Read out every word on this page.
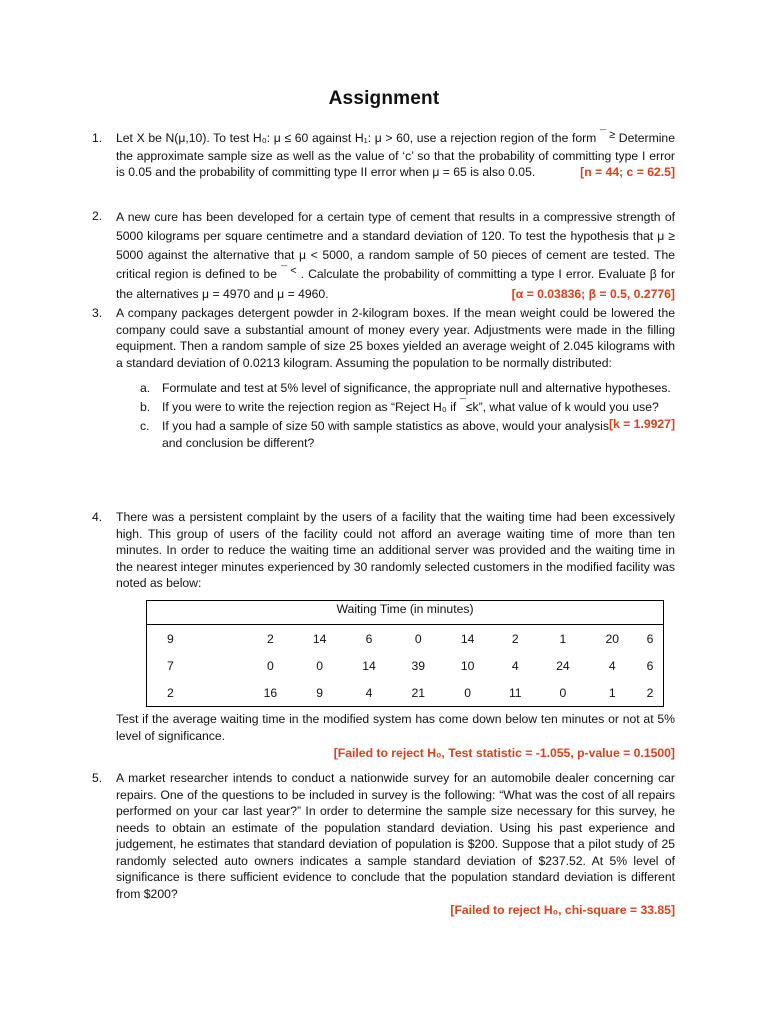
Assignment
1.	Let X be N(μ,10). To test H₀: μ ≤ 60 against H₁: μ > 60, use a rejection region of the form ¯ ≥ Determine the approximate sample size as well as the value of ‘c’ so that the probability of committing type I error is 0.05 and the probability of committing type II error when μ = 65 is also 0.05.	[n = 44; c = 62.5]
2.	A new cure has been developed for a certain type of cement that results in a compressive strength of 5000 kilograms per square centimetre and a standard deviation of 120. To test the hypothesis that μ ≥ 5000 against the alternative that μ < 5000, a random sample of 50 pieces of cement are tested. The critical region is defined to be ¯ < . Calculate the probability of committing a type I error. Evaluate β for the alternatives μ = 4970 and μ = 4960.	[α = 0.03836; β = 0.5, 0.2776]
3.	A company packages detergent powder in 2-kilogram boxes. If the mean weight could be lowered the company could save a substantial amount of money every year. Adjustments were made in the filling equipment. Then a random sample of size 25 boxes yielded an average weight of 2.045 kilograms with a standard deviation of 0.0213 kilogram. Assuming the population to be normally distributed:
a. Formulate and test at 5% level of significance, the appropriate null and alternative hypotheses.
b. If you were to write the rejection region as “Reject H₀ if ¯≤k”, what value of k would you use?
[k = 1.9927]
c. If you had a sample of size 50 with sample statistics as above, would your analysis and conclusion be different?
4.	There was a persistent complaint by the users of a facility that the waiting time had been excessively high. This group of users of the facility could not afford an average waiting time of more than ten minutes. In order to reduce the waiting time an additional server was provided and the waiting time in the nearest integer minutes experienced by 30 randomly selected customers in the modified facility was noted as below:
Waiting Time (in minutes)									
9	2	14	6	0	14	2	1	20	6
7	0	0	14	39	10	4	24	4	6
2	16	9	4	21	0	11	0	1	2
Test if the average waiting time in the modified system has come down below ten minutes or not at 5% level of significance.
[Failed to reject H₀, Test statistic = -1.055, p-value = 0.1500]
5.	A market researcher intends to conduct a nationwide survey for an automobile dealer concerning car repairs. One of the questions to be included in survey is the following: “What was the cost of all repairs performed on your car last year?” In order to determine the sample size necessary for this survey, he needs to obtain an estimate of the population standard deviation. Using his past experience and judgement, he estimates that standard deviation of population is $200. Suppose that a pilot study of 25 randomly selected auto owners indicates a sample standard deviation of $237.52. At 5% level of significance is there sufficient evidence to conclude that the population standard deviation is different from $200?
[Failed to reject H₀, chi-square = 33.85]
